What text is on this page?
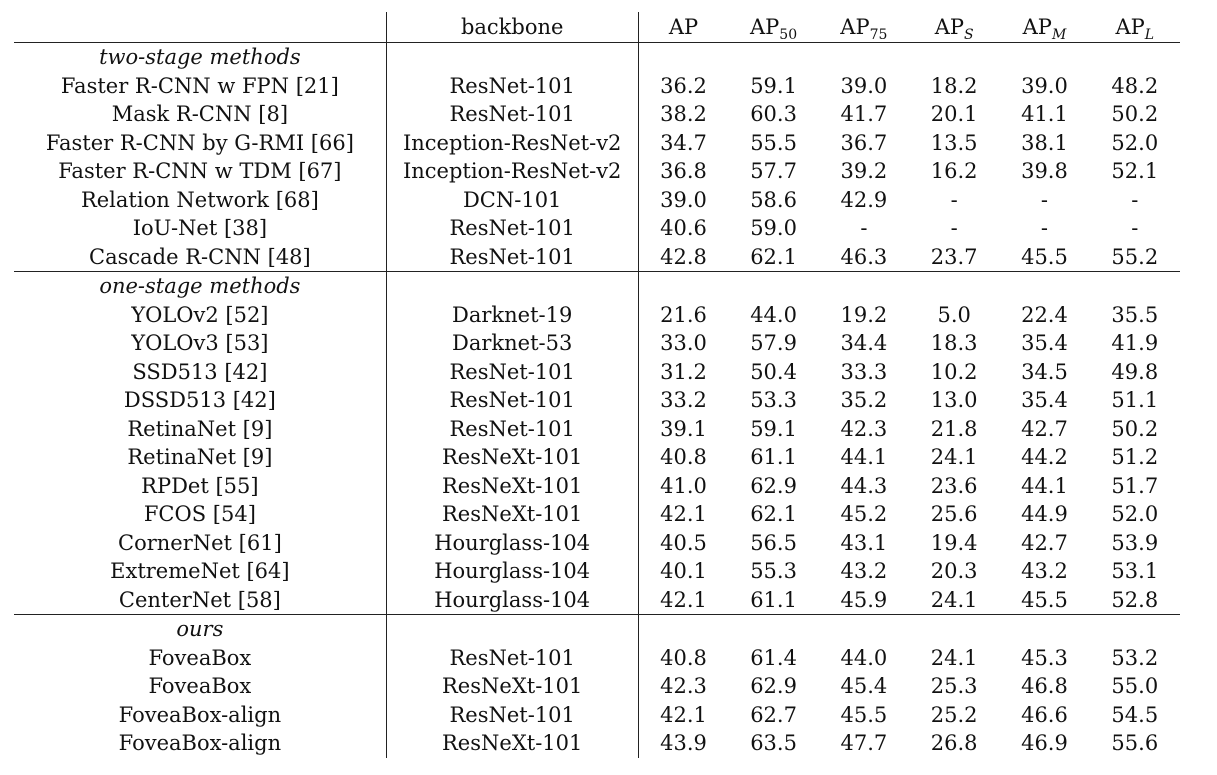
	backbone	AP	$AP_{50}$	$AP_{75}$	$AP_S$	$AP_M$	$AP_L$
two-stage methods							
Faster R-CNN w FPN [21]	ResNet-101	36.2	59.1	39.0	18.2	39.0	48.2
Mask R-CNN [8]	ResNet-101	38.2	60.3	41.7	20.1	41.1	50.2
Faster R-CNN by G-RMI [66]	Inception-ResNet-v2	34.7	55.5	36.7	13.5	38.1	52.0
Faster R-CNN w TDM [67]	Inception-ResNet-v2	36.8	57.7	39.2	16.2	39.8	52.1
Relation Network [68]	DCN-101	39.0	58.6	42.9	-	-	-
IoU-Net [38]	ResNet-101	40.6	59.0	-	-	-	-
Cascade R-CNN [48]	ResNet-101	42.8	62.1	46.3	23.7	45.5	55.2
one-stage methods							
YOLOv2 [52]	Darknet-19	21.6	44.0	19.2	5.0	22.4	35.5
YOLOv3 [53]	Darknet-53	33.0	57.9	34.4	18.3	35.4	41.9
SSD513 [42]	ResNet-101	31.2	50.4	33.3	10.2	34.5	49.8
DSSD513 [42]	ResNet-101	33.2	53.3	35.2	13.0	35.4	51.1
RetinaNet [9]	ResNet-101	39.1	59.1	42.3	21.8	42.7	50.2
RetinaNet [9]	ResNeXt-101	40.8	61.1	44.1	24.1	44.2	51.2
RPDet [55]	ResNeXt-101	41.0	62.9	44.3	23.6	44.1	51.7
FCOS [54]	ResNeXt-101	42.1	62.1	45.2	25.6	44.9	52.0
CornerNet [61]	Hourglass-104	40.5	56.5	43.1	19.4	42.7	53.9
ExtremeNet [64]	Hourglass-104	40.1	55.3	43.2	20.3	43.2	53.1
CenterNet [58]	Hourglass-104	42.1	61.1	45.9	24.1	45.5	52.8
ours							
FoveaBox	ResNet-101	40.8	61.4	44.0	24.1	45.3	53.2
FoveaBox	ResNeXt-101	42.3	62.9	45.4	25.3	46.8	55.0
FoveaBox-align	ResNet-101	42.1	62.7	45.5	25.2	46.6	54.5
FoveaBox-align	ResNeXt-101	43.9	63.5	47.7	26.8	46.9	55.6
